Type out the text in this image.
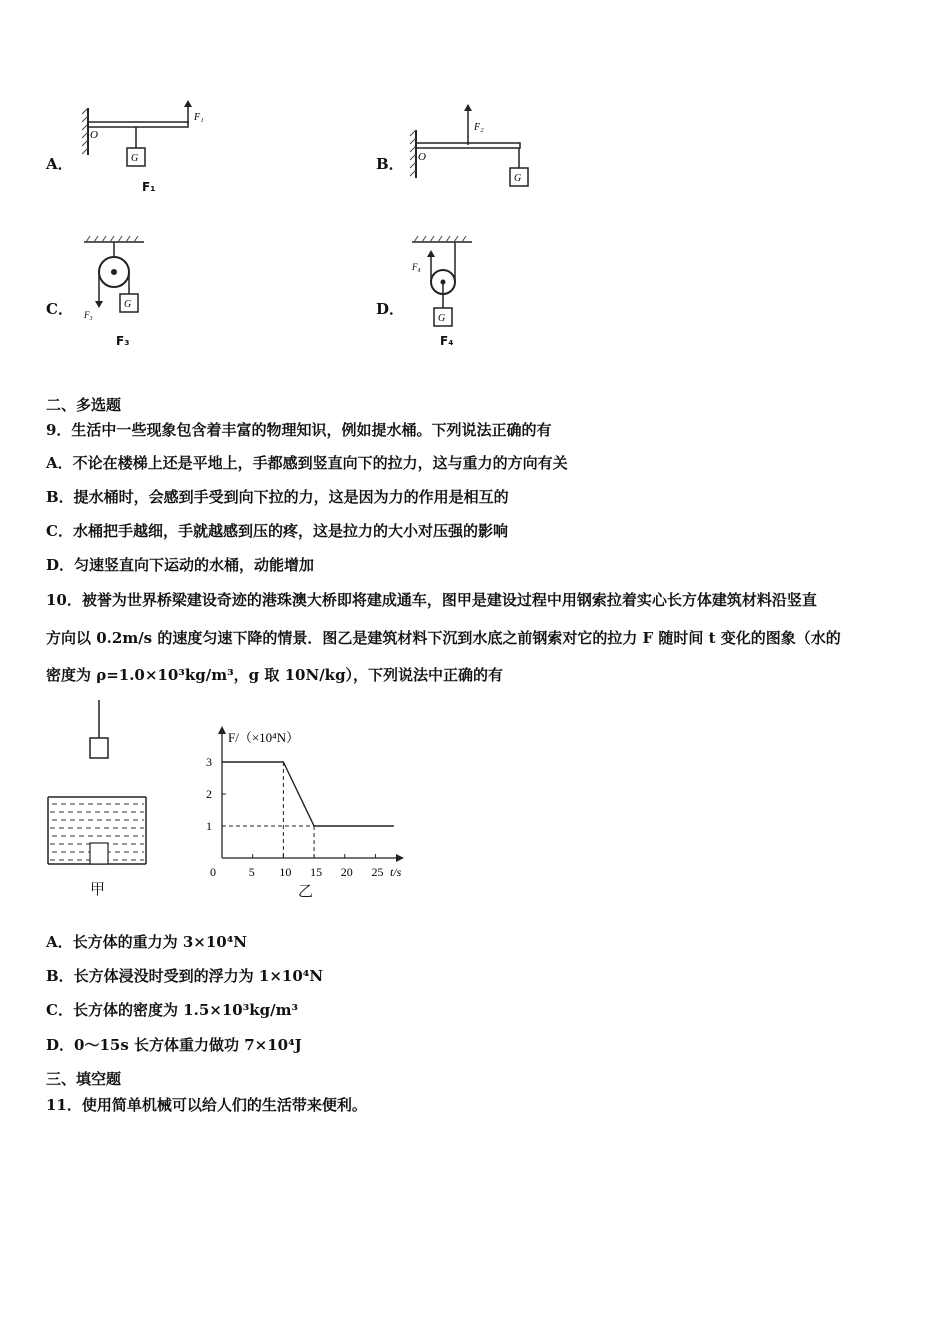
A．
O
G
F₁
F₁
B． O
F₂
G
C． F₃
G
F₃
D．
F₄
G
F₄
二、多选题
9．生活中一些现象包含着丰富的物理知识，例如提水桶。下列说法正确的有
A．不论在楼梯上还是平地上，手都感到竖直向下的拉力，这与重力的方向有关
B．提水桶时，会感到手受到向下拉的力，这是因为力的作用是相互的
C．水桶把手越细，手就越感到压的疼，这是拉力的大小对压强的影响
D．匀速竖直向下运动的水桶，动能增加
10．被誉为世界桥梁建设奇迹的港珠澳大桥即将建成通车，图甲是建设过程中用钢索拉着实心长方体建筑材料沿竖直
方向以 0.2m/s 的速度匀速下降的情景．图乙是建筑材料下沉到水底之前钢索对它的拉力 F 随时间 t 变化的图象（水的
密度为 ρ=1.0×10³kg/m³，g 取 10N/kg），下列说法中正确的有
甲
F/（×10⁴N）
t/s
0	5 10 15 20 25
1
2
3
乙
A．长方体的重力为 3×10⁴N
B．长方体浸没时受到的浮力为 1×10⁴N
C．长方体的密度为 1.5×10³kg/m³
D．0～15s 长方体重力做功 7×10⁴J
三、填空题
11．使用简单机械可以给人们的生活带来便利。
